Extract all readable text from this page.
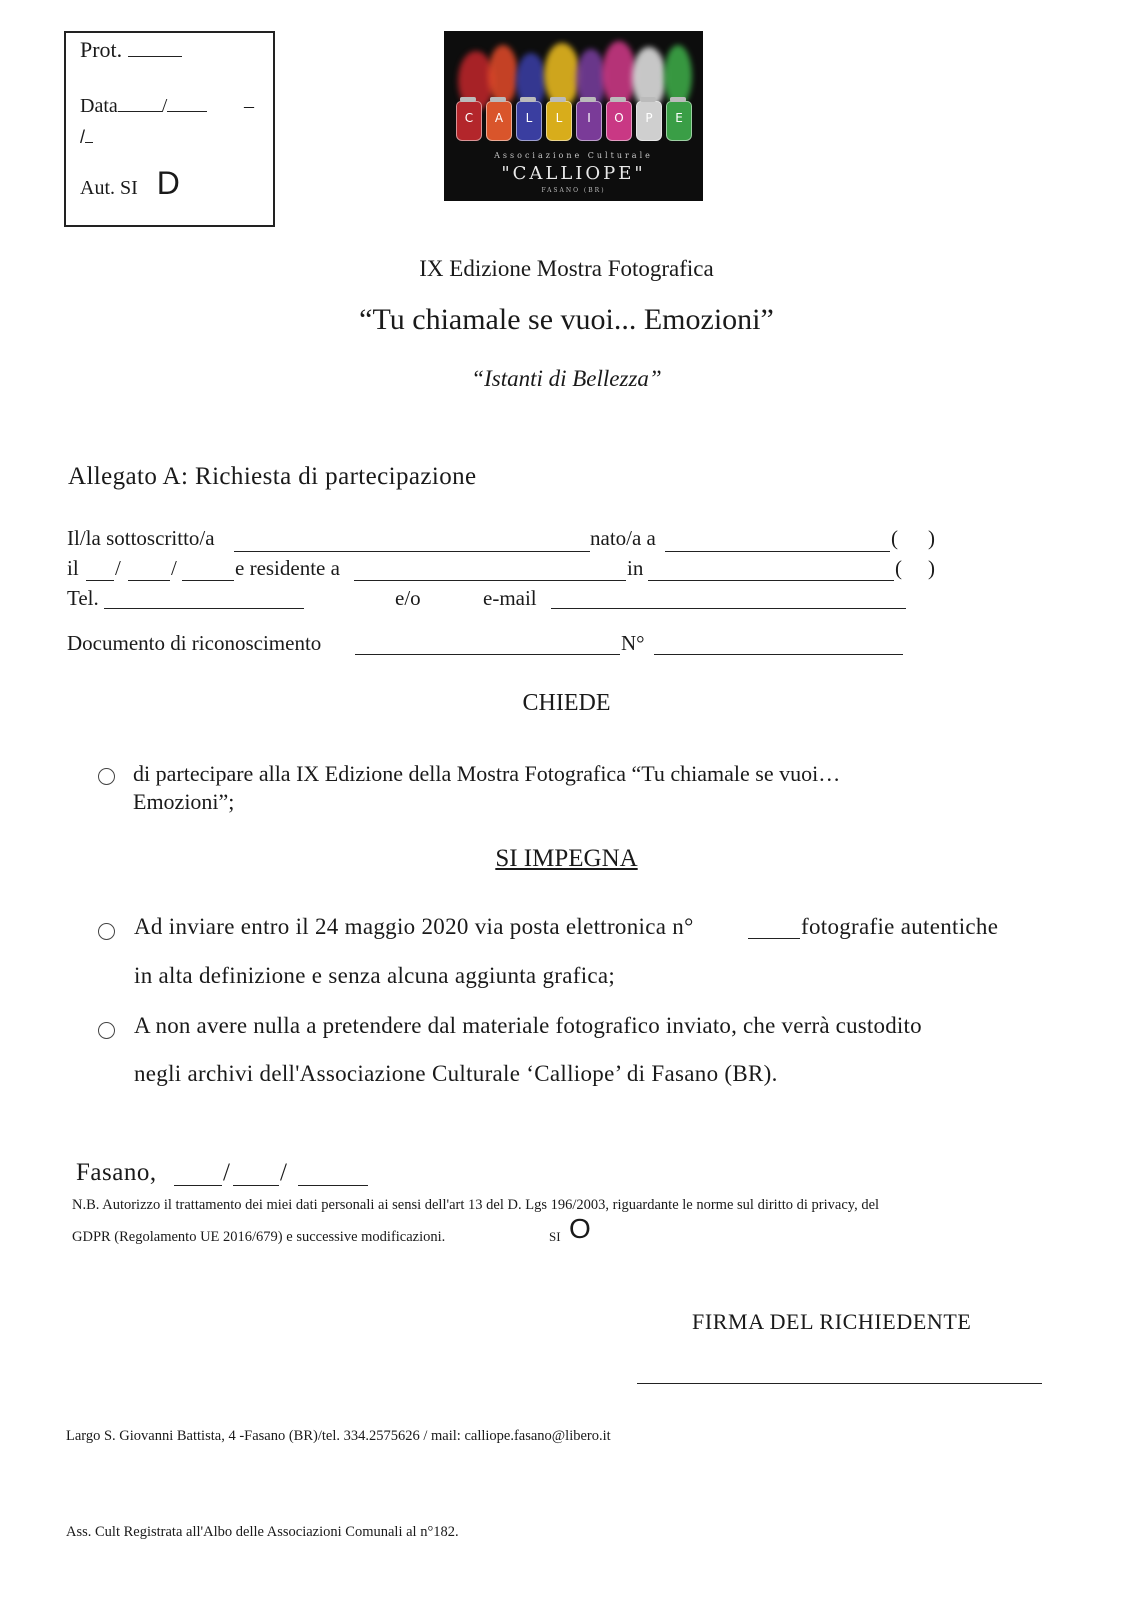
Prot.
Data /	–
/
Aut. SI D
C	A	L	L	I	O	P	E
Associazione Culturale
"CALLIOPE"
FASANO (BR)
IX Edizione Mostra Fotografica
“Tu chiamale se vuoi... Emozioni”
“Istanti di Bellezza”
Allegato A: Richiesta di partecipazione
Il/la sottoscritto/a	nato/a a	( )
il / /	e residente a	in	( )
Tel.	e/o	e-mail
Documento di riconoscimento	N°
CHIEDE
di partecipare alla IX Edizione della Mostra Fotografica “Tu chiamale se vuoi…
Emozioni”;
SI IMPEGNA
Ad inviare entro il 24 maggio 2020 via posta elettronica n°	fotografie autentiche
in alta definizione e senza alcuna aggiunta grafica;
A non avere nulla a pretendere dal materiale fotografico inviato, che verrà custodito
negli archivi dell'Associazione Culturale ‘Calliope’ di Fasano (BR).
Fasano,	/ /
N.B. Autorizzo il trattamento dei miei dati personali ai sensi dell'art 13 del D. Lgs 196/2003, riguardante le norme sul diritto di privacy, del
GDPR (Regolamento UE 2016/679) e successive modificazioni.	SI O
FIRMA DEL RICHIEDENTE
Largo S. Giovanni Battista, 4 -Fasano (BR)/tel. 334.2575626 / mail: calliope.fasano@libero.it
Ass. Cult Registrata all'Albo delle Associazioni Comunali al n°182.
